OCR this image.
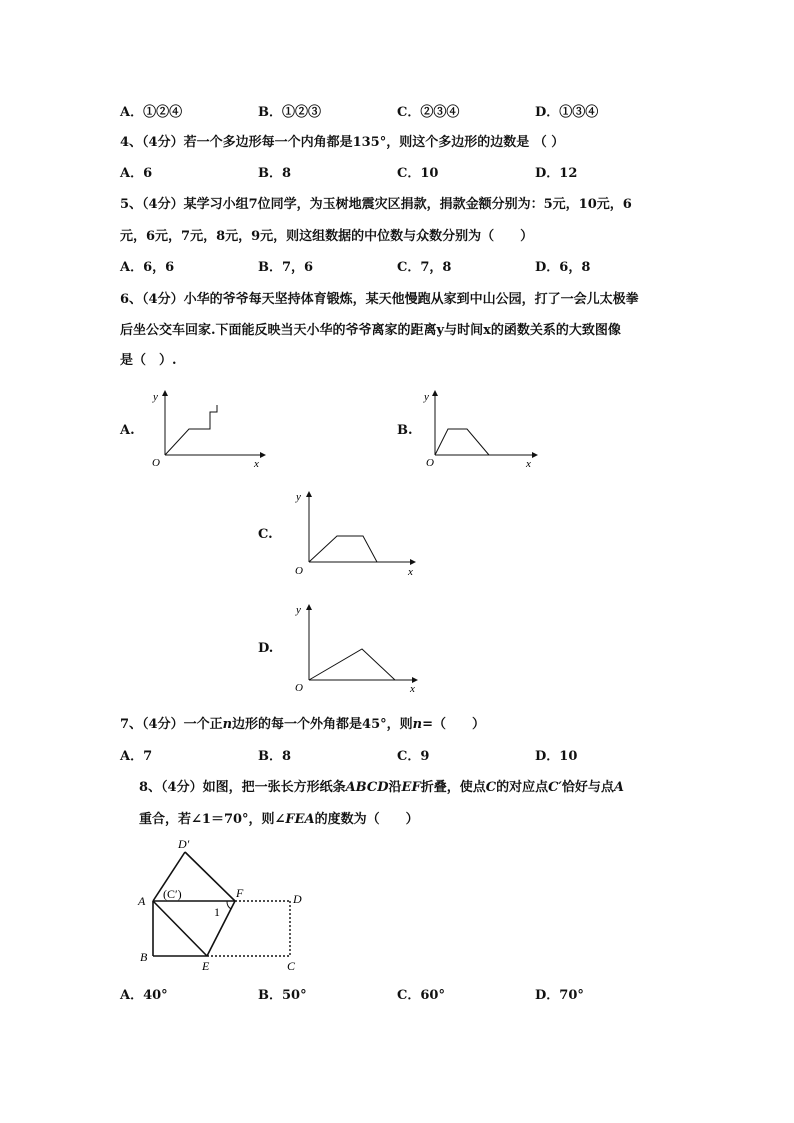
A．①②④	B．①②③	C．②③④	D．①③④
4、（4分）若一个多边形每一个内角都是135°，则这个多边形的边数是 （ ）
A．6	B．8	C．10	D．12
5、（4分）某学习小组7位同学，为玉树地震灾区捐款，捐款金额分别为：5元，10元，6
元，6元，7元，8元，9元，则这组数据的中位数与众数分别为（　　）
A．6，6	B．7，6	C．7，8	D．6，8
6、（4分）小华的爷爷每天坚持体育锻炼，某天他慢跑从家到中山公园，打了一会儿太极拳
后坐公交车回家.下面能反映当天小华的爷爷离家的距离y与时间x的函数关系的大致图像
是（　）.
A.	B.
C.
D.
y
x
O
y
x
O
y
x
O
y
x
O
7、（4分）一个正n边形的每一个外角都是45°，则n=（　　）
A．7	B．8	C．9	D．10
8、（4分）如图，把一张长方形纸条ABCD沿EF折叠，使点C的对应点C′恰好与点A
重合，若∠1＝70°，则∠FEA的度数为（　　）
D′
A (C′)	F	D
1
B
E	C
A．40°	B．50°	C．60°	D．70°
